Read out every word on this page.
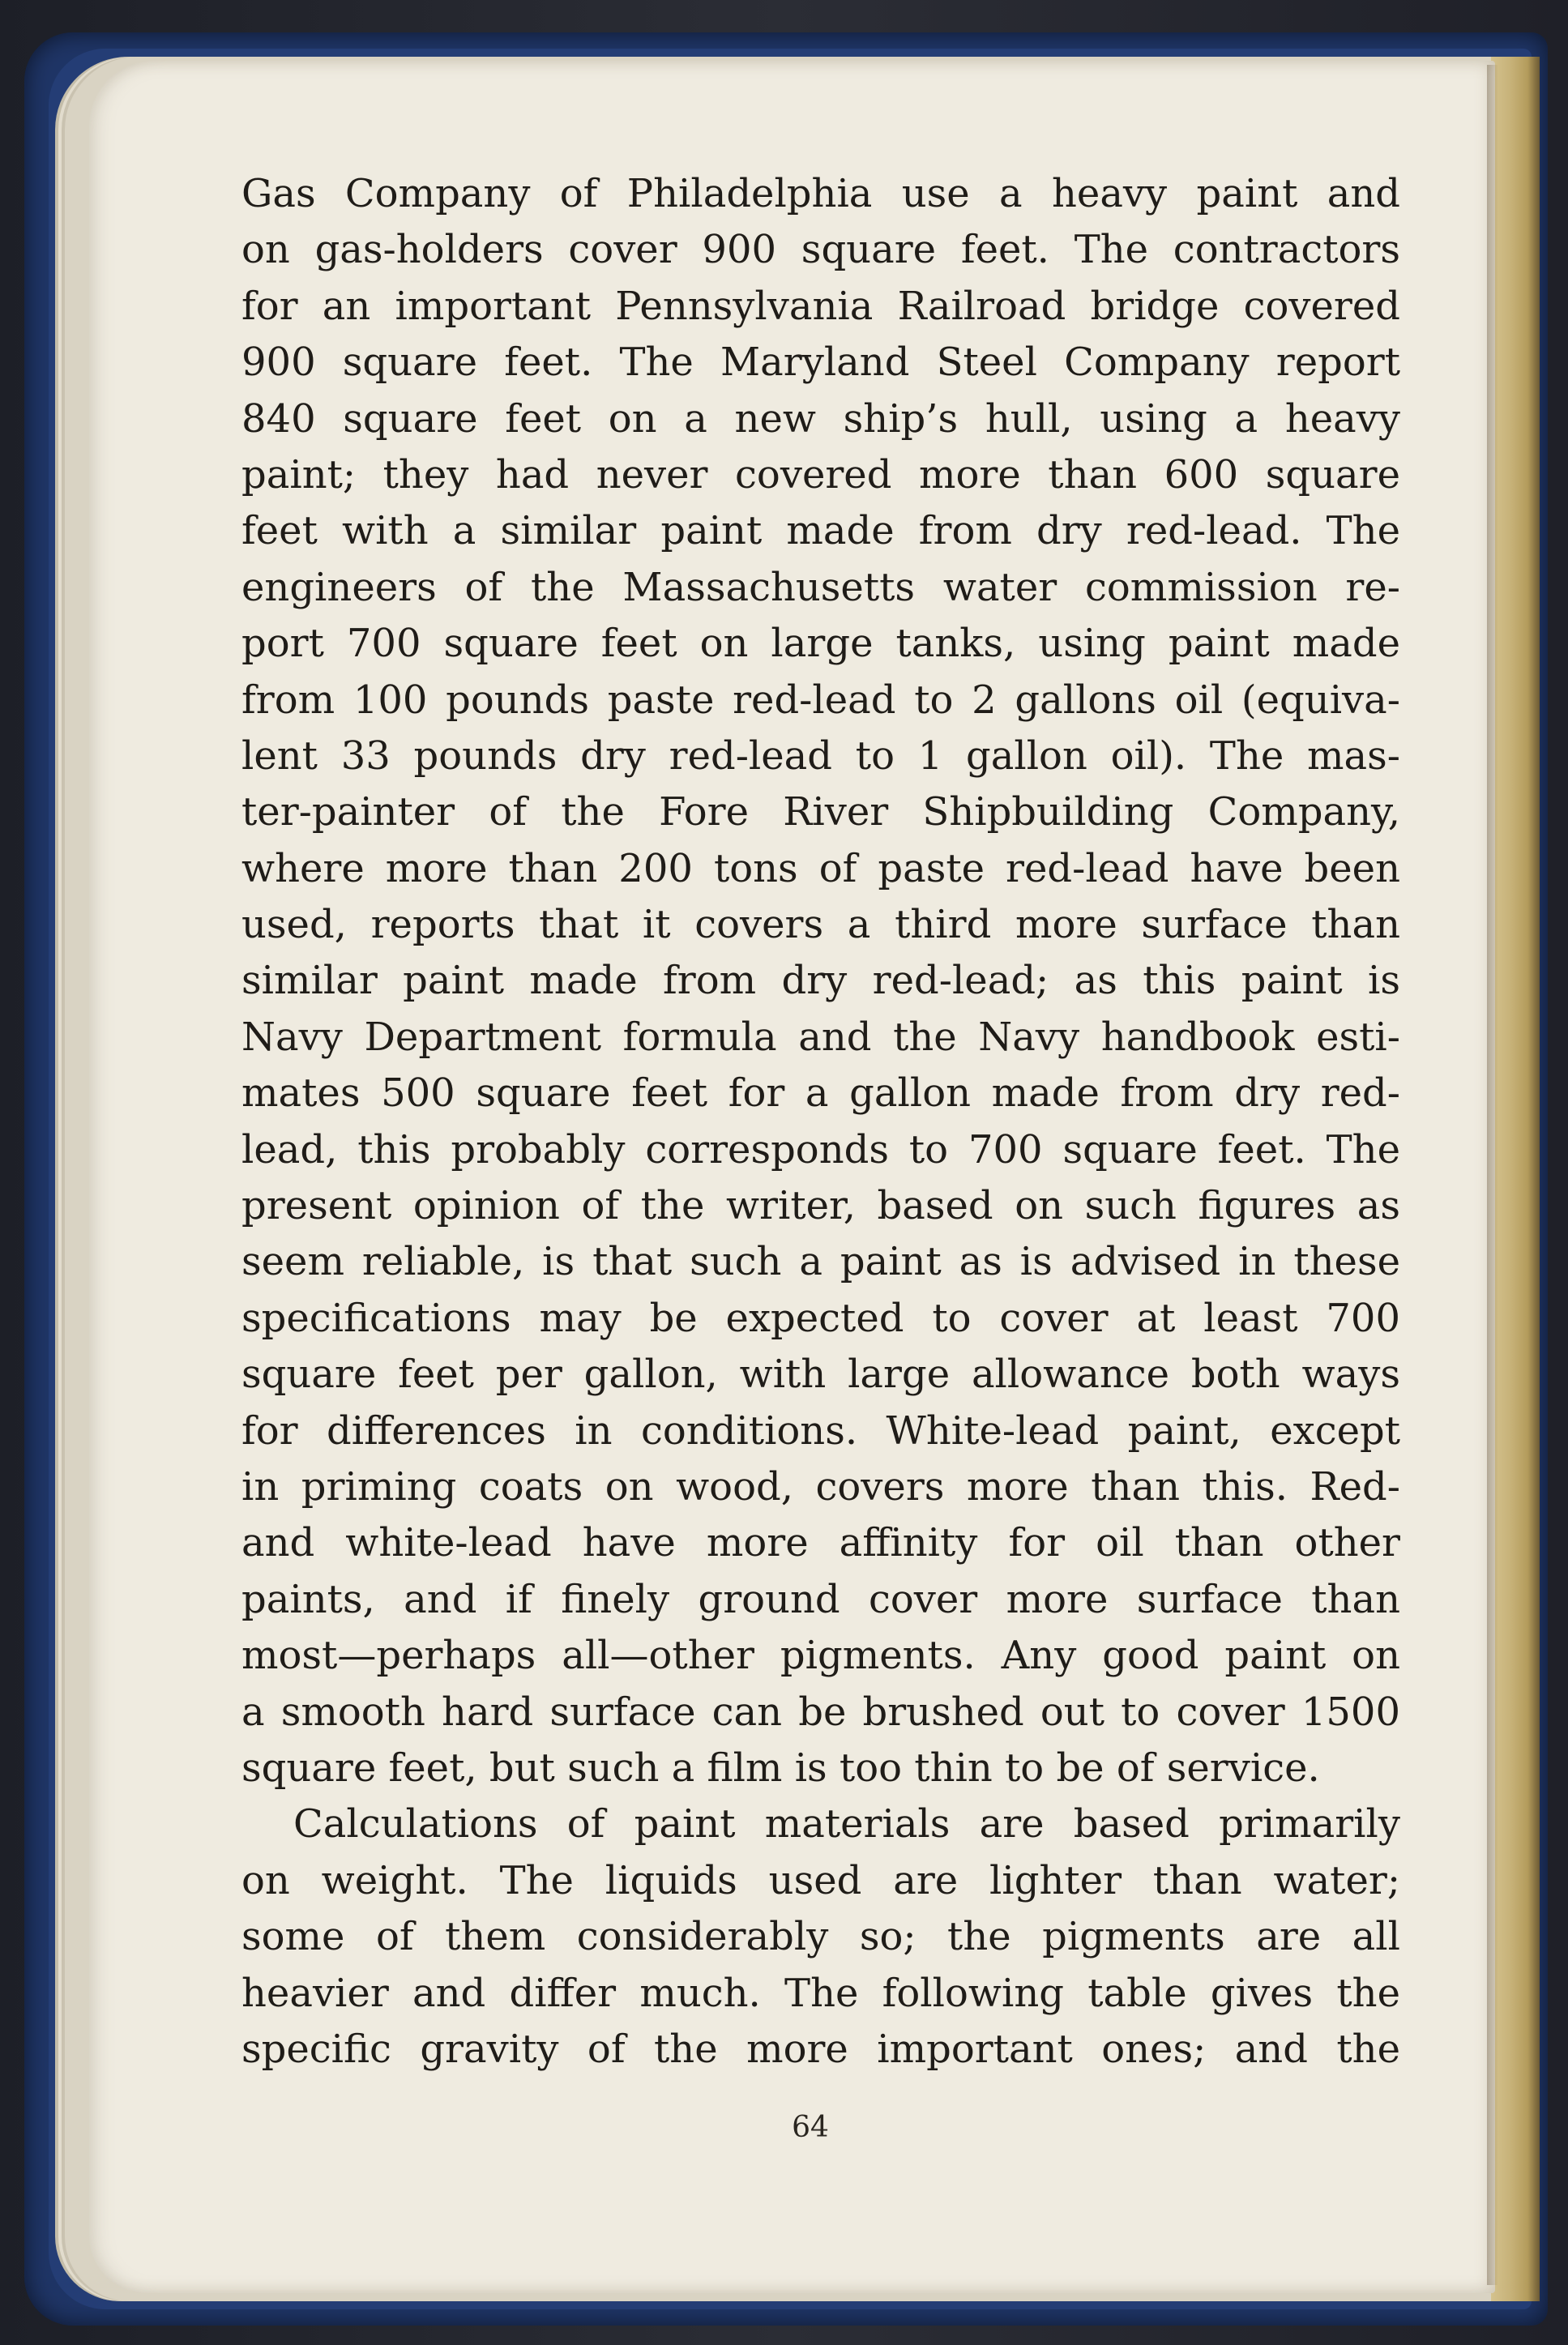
Gas Company of Philadelphia use a heavy paint and
on gas-holders cover 900 square feet. The contractors
for an important Pennsylvania Railroad bridge covered
900 square feet. The Maryland Steel Company report
840 square feet on a new ship’s hull, using a heavy
paint; they had never covered more than 600 square
feet with a similar paint made from dry red-lead. The
engineers of the Massachusetts water commission re-
port 700 square feet on large tanks, using paint made
from 100 pounds paste red-lead to 2 gallons oil (equiva-
lent 33 pounds dry red-lead to 1 gallon oil). The mas-
ter-painter of the Fore River Shipbuilding Company,
where more than 200 tons of paste red-lead have been
used, reports that it covers a third more surface than
similar paint made from dry red-lead; as this paint is
Navy Department formula and the Navy handbook esti-
mates 500 square feet for a gallon made from dry red-
lead, this probably corresponds to 700 square feet. The
present opinion of the writer, based on such figures as
seem reliable, is that such a paint as is advised in these
specifications may be expected to cover at least 700
square feet per gallon, with large allowance both ways
for differences in conditions. White-lead paint, except
in priming coats on wood, covers more than this. Red-
and white-lead have more affinity for oil than other
paints, and if finely ground cover more surface than
most—perhaps all—other pigments. Any good paint on
a smooth hard surface can be brushed out to cover 1500
square feet, but such a film is too thin to be of service.
Calculations of paint materials are based primarily
on weight. The liquids used are lighter than water;
some of them considerably so; the pigments are all
heavier and differ much. The following table gives the
specific gravity of the more important ones; and the
64
